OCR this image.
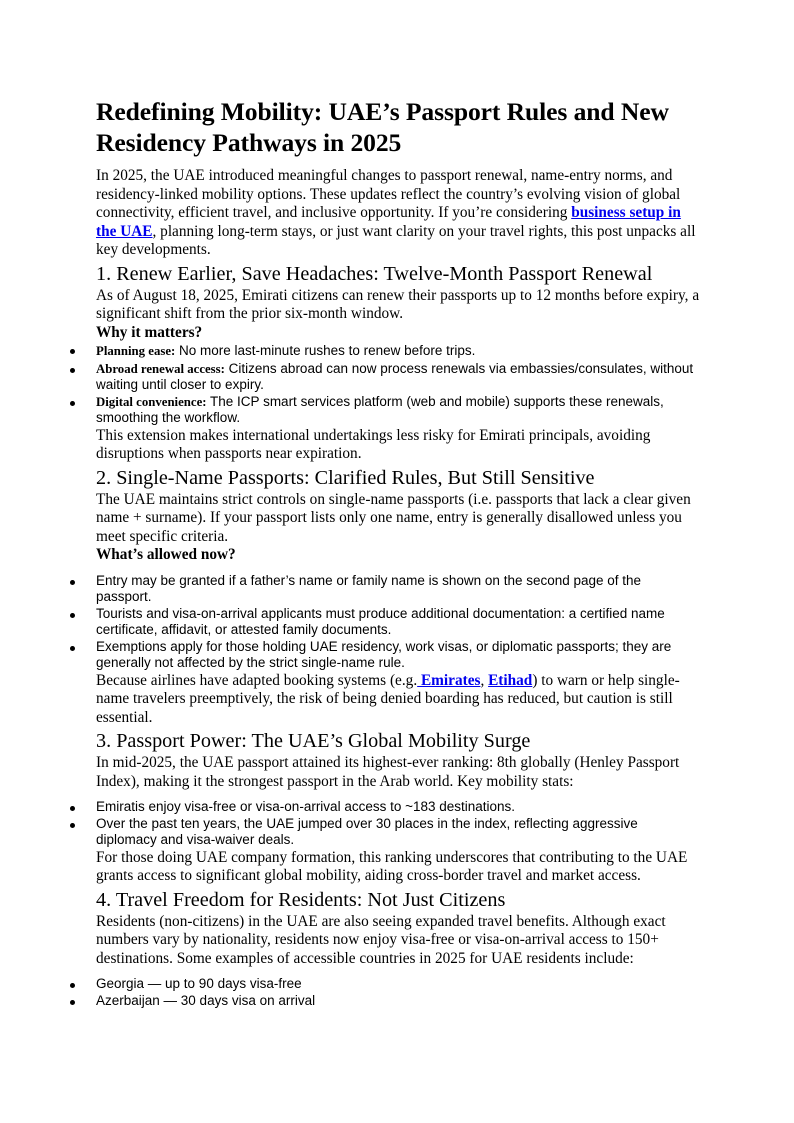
Redefining Mobility: UAE’s Passport Rules and New Residency Pathways in 2025

In 2025, the UAE introduced meaningful changes to passport renewal, name-entry norms, and residency-linked mobility options. These updates reflect the country’s evolving vision of global connectivity, efficient travel, and inclusive opportunity. If you’re considering business setup in the UAE, planning long-term stays, or just want clarity on your travel rights, this post unpacks all key developments.

1. Renew Earlier, Save Headaches: Twelve-Month Passport Renewal

As of August 18, 2025, Emirati citizens can renew their passports up to 12 months before expiry, a significant shift from the prior six-month window.

Why it matters?

Planning ease: No more last-minute rushes to renew before trips.
Abroad renewal access: Citizens abroad can now process renewals via embassies/consulates, without waiting until closer to expiry.
Digital convenience: The ICP smart services platform (web and mobile) supports these renewals, smoothing the workflow.

This extension makes international undertakings less risky for Emirati principals, avoiding disruptions when passports near expiration.

2. Single-Name Passports: Clarified Rules, But Still Sensitive

The UAE maintains strict controls on single-name passports (i.e. passports that lack a clear given name + surname). If your passport lists only one name, entry is generally disallowed unless you meet specific criteria.

What’s allowed now?

Entry may be granted if a father’s name or family name is shown on the second page of the passport.
Tourists and visa-on-arrival applicants must produce additional documentation: a certified name certificate, affidavit, or attested family documents.
Exemptions apply for those holding UAE residency, work visas, or diplomatic passports; they are generally not affected by the strict single-name rule.

Because airlines have adapted booking systems (e.g. Emirates, Etihad) to warn or help single-name travelers preemptively, the risk of being denied boarding has reduced, but caution is still essential.

3. Passport Power: The UAE’s Global Mobility Surge

In mid-2025, the UAE passport attained its highest-ever ranking: 8th globally (Henley Passport Index), making it the strongest passport in the Arab world. Key mobility stats:

Emiratis enjoy visa-free or visa-on-arrival access to ~183 destinations.
Over the past ten years, the UAE jumped over 30 places in the index, reflecting aggressive diplomacy and visa-waiver deals.

For those doing UAE company formation, this ranking underscores that contributing to the UAE grants access to significant global mobility, aiding cross-border travel and market access.

4. Travel Freedom for Residents: Not Just Citizens

Residents (non-citizens) in the UAE are also seeing expanded travel benefits. Although exact numbers vary by nationality, residents now enjoy visa-free or visa-on-arrival access to 150+ destinations. Some examples of accessible countries in 2025 for UAE residents include:

Georgia — up to 90 days visa-free
Azerbaijan — 30 days visa on arrival
